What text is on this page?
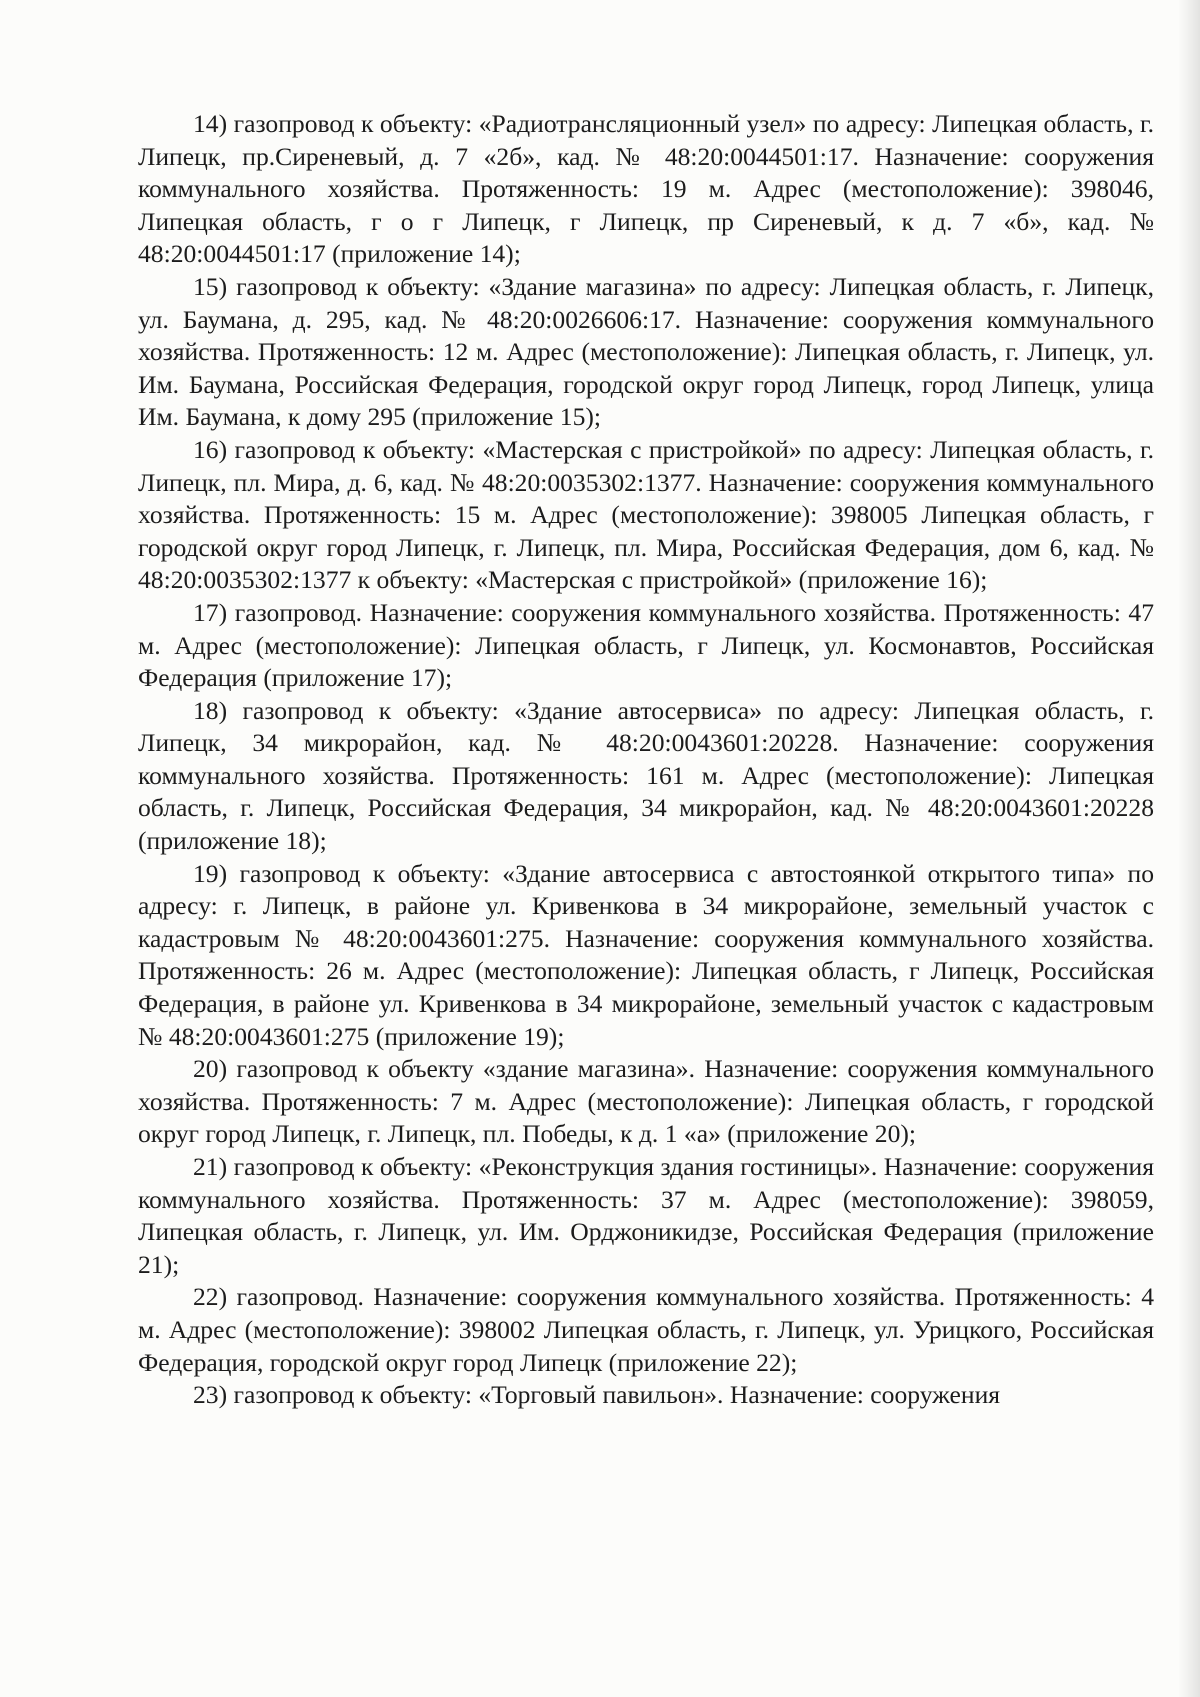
14) газопровод к объекту: «Радиотрансляционный узел» по адресу: Липецкая область, г. Липецк, пр.Сиреневый, д. 7 «2б», кад. № 48:20:0044501:17. Назначение: сооружения коммунального хозяйства. Протяженность: 19 м. Адрес (местоположение): 398046, Липецкая область, г о г Липецк, г Липецк, пр Сиреневый, к д. 7 «б», кад. № 48:20:0044501:17 (приложение 14);

15) газопровод к объекту: «Здание магазина» по адресу: Липецкая область, г. Липецк, ул. Баумана, д. 295, кад. № 48:20:0026606:17. Назначение: сооружения коммунального хозяйства. Протяженность: 12 м. Адрес (местоположение): Липецкая область, г. Липецк, ул. Им. Баумана, Российская Федерация, городской округ город Липецк, город Липецк, улица Им. Баумана, к дому 295 (приложение 15);

16) газопровод к объекту: «Мастерская с пристройкой» по адресу: Липецкая область, г. Липецк, пл. Мира, д. 6, кад. № 48:20:0035302:1377. Назначение: сооружения коммунального хозяйства. Протяженность: 15 м. Адрес (местоположение): 398005 Липецкая область, г городской округ город Липецк, г. Липецк, пл. Мира, Российская Федерация, дом 6, кад. № 48:20:0035302:1377 к объекту: «Мастерская с пристройкой» (приложение 16);

17) газопровод. Назначение: сооружения коммунального хозяйства. Протяженность: 47 м. Адрес (местоположение): Липецкая область, г Липецк, ул. Космонавтов, Российская Федерация (приложение 17);

18) газопровод к объекту: «Здание автосервиса» по адресу: Липецкая область, г. Липецк, 34 микрорайон, кад. № 48:20:0043601:20228. Назначение: сооружения коммунального хозяйства. Протяженность: 161 м. Адрес (местоположение): Липецкая область, г. Липецк, Российская Федерация, 34 микрорайон, кад. № 48:20:0043601:20228 (приложение 18);

19) газопровод к объекту: «Здание автосервиса с автостоянкой открытого типа» по адресу: г. Липецк, в районе ул. Кривенкова в 34 микрорайоне, земельный участок с кадастровым № 48:20:0043601:275. Назначение: сооружения коммунального хозяйства. Протяженность: 26 м. Адрес (местоположение): Липецкая область, г Липецк, Российская Федерация, в районе ул. Кривенкова в 34 микрорайоне, земельный участок с кадастровым № 48:20:0043601:275 (приложение 19);

20) газопровод к объекту «здание магазина». Назначение: сооружения коммунального хозяйства. Протяженность: 7 м. Адрес (местоположение): Липецкая область, г городской округ город Липецк, г. Липецк, пл. Победы, к д. 1 «а» (приложение 20);

21) газопровод к объекту: «Реконструкция здания гостиницы». Назначение: сооружения коммунального хозяйства. Протяженность: 37 м. Адрес (местоположение): 398059, Липецкая область, г. Липецк, ул. Им. Орджоникидзе, Российская Федерация (приложение 21);

22) газопровод. Назначение: сооружения коммунального хозяйства. Протяженность: 4 м. Адрес (местоположение): 398002 Липецкая область, г. Липецк, ул. Урицкого, Российская Федерация, городской округ город Липецк (приложение 22);

23) газопровод к объекту: «Торговый павильон». Назначение: сооружения
